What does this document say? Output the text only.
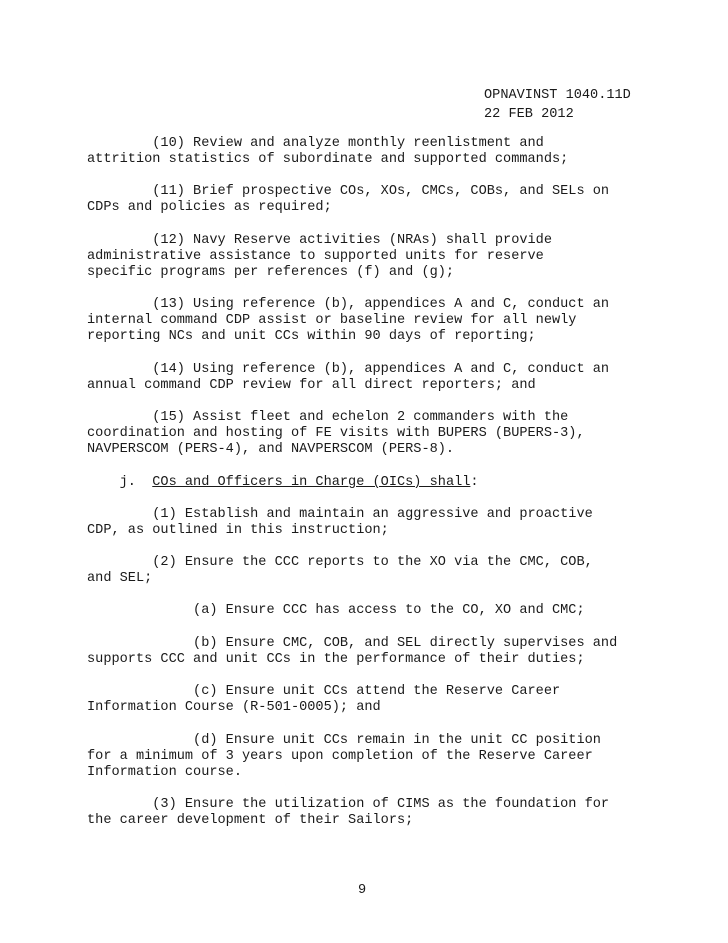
OPNAVINST 1040.11D
22 FEB 2012
(10) Review and analyze monthly reenlistment and
attrition statistics of subordinate and supported commands;
(11) Brief prospective COs, XOs, CMCs, COBs, and SELs on
CDPs and policies as required;
(12) Navy Reserve activities (NRAs) shall provide
administrative assistance to supported units for reserve
specific programs per references (f) and (g);
(13) Using reference (b), appendices A and C, conduct an
internal command CDP assist or baseline review for all newly
reporting NCs and unit CCs within 90 days of reporting;
(14) Using reference (b), appendices A and C, conduct an
annual command CDP review for all direct reporters; and
(15) Assist fleet and echelon 2 commanders with the
coordination and hosting of FE visits with BUPERS (BUPERS-3),
NAVPERSCOM (PERS-4), and NAVPERSCOM (PERS-8).
j.  COs and Officers in Charge (OICs) shall:
(1) Establish and maintain an aggressive and proactive
CDP, as outlined in this instruction;
(2) Ensure the CCC reports to the XO via the CMC, COB,
and SEL;
(a) Ensure CCC has access to the CO, XO and CMC;
(b) Ensure CMC, COB, and SEL directly supervises and
supports CCC and unit CCs in the performance of their duties;
(c) Ensure unit CCs attend the Reserve Career
Information Course (R-501-0005); and
(d) Ensure unit CCs remain in the unit CC position
for a minimum of 3 years upon completion of the Reserve Career
Information course.
(3) Ensure the utilization of CIMS as the foundation for
the career development of their Sailors;
9
